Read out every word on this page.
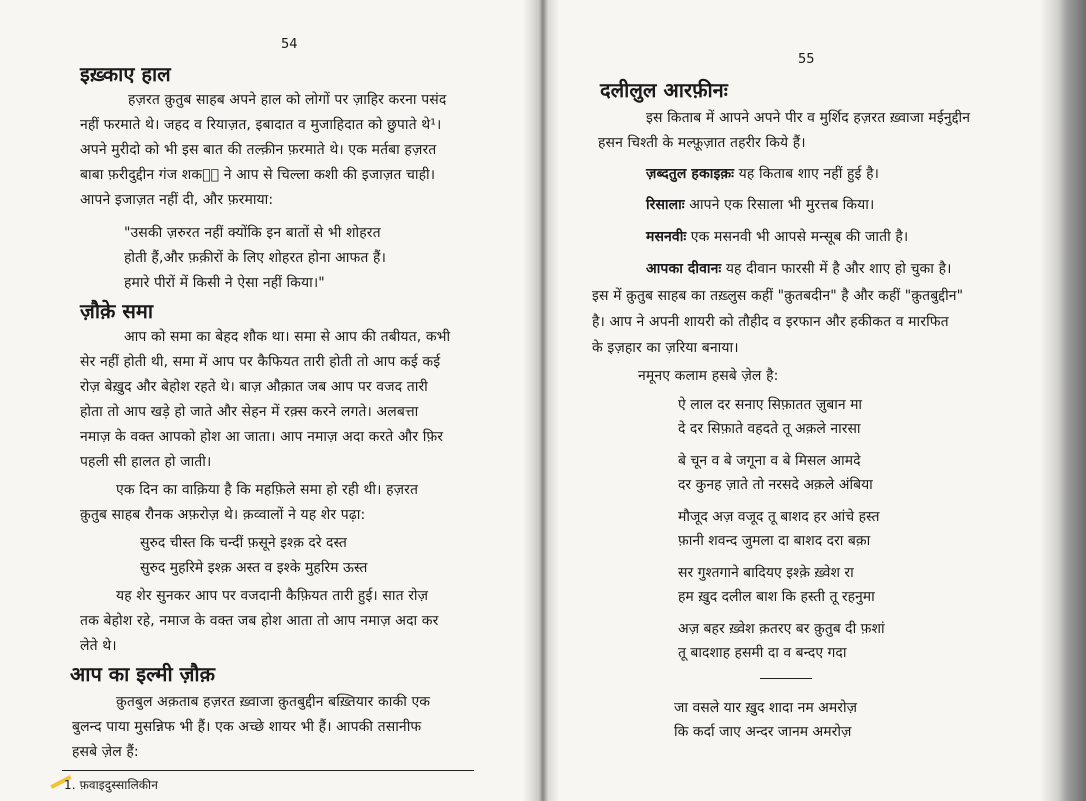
54
इख़्काए हाल
हज़रत क़ुतुब साहब अपने हाल को लोगों पर ज़ाहिर करना पसंद
नहीं फरमाते थे। जहद व रियाज़त, इबादात व मुजाहिदात को छुपाते थे¹।
अपने मुरीदो को भी इस बात की तल्क़ीन फ़रमाते थे। एक मर्तबा हज़रत
बाबा फ़रीदुद्दीन गंज शकर᳚ ने आप से चिल्ला कशी की इजाज़त चाही।
आपने इजाज़त नहीं दी, और फ़रमाया:
"उसकी ज़रुरत नहीं क्योंकि इन बातों से भी शोहरत
होती हैं,और फ़क़ीरों के लिए शोहरत होना आफत हैं।
हमारे पीरों में किसी ने ऐसा नहीं किया।"
ज़ौक़े समा
आप को समा का बेहद शौक था। समा से आप की तबीयत, कभी
सेर नहीं होती थी, समा में आप पर कैफियत तारी होती तो आप कई कई
रोज़ बेख़ुद और बेहोश रहते थे। बाज़ औक़ात जब आप पर वजद तारी
होता तो आप खड़े हो जाते और सेहन में रक़्स करने लगते। अलबत्ता
नमाज़ के वक्त आपको होश आ जाता। आप नमाज़ अदा करते और फ़िर
पहली सी हालत हो जाती।
एक दिन का वाक़िया है कि महफ़िले समा हो रही थी। हज़रत
क़ुतुब साहब रौनक अफ़रोज़ थे। क़व्वालों ने यह शेर पढ़ा:
सुरुद चीस्त कि चन्दीं फ़सूने इश्क़ दरे दस्त
सुरुद मुहरिमे इश्क़ अस्त व इश्के मुहरिम ऊस्त
यह शेर सुनकर आप पर वजदानी कैफ़ियत तारी हुई। सात रोज़
तक बेहोश रहे, नमाज के वक्त जब होश आता तो आप नमाज़ अदा कर
लेते थे।
आप का इल्मी ज़ौक़
क़ुतबुल अक़ताब हज़रत ख़्वाजा क़ुतबुद्दीन बख़्तियार काकी एक
बुलन्द पाया मुसन्निफ भी हैं। एक अच्छे शायर भी हैं। आपकी तसानीफ
हसबे ज़ेल हैं:
1. फ़वाइदुस्सालिकीन
55
दलीलुल आरफ़ीनः
इस किताब में आपने अपने पीर व मुर्शिद हज़रत ख़्वाजा मईनुद्दीन
हसन चिश्ती के मल्फ़ूज़ात तहरीर किये हैं।
ज़ब्दतुल हकाइक़ः यह किताब शाए नहीं हुई है।
रिसालाः आपने एक रिसाला भी मुरत्तब किया।
मसनवीः एक मसनवी भी आपसे मन्सूब की जाती है।
आपका दीवानः यह दीवान फारसी में है और शाए हो चुका है।
इस में क़ुतुब साहब का तख़्लुस कहीं "क़ुतबदीन" है और कहीं "क़ुतबुद्दीन"
है। आप ने अपनी शायरी को तौहीद व इरफान और हकीकत व मारफित
के इज़हार का ज़रिया बनाया।
नमूनए कलाम हसबे ज़ेल है:
ऐ लाल दर सनाए सिफ़ातत ज़ुबान मा
दे दर सिफ़ाते वहदते तू अक़ले नारसा
बे चून व बे जगूना व बे मिसल आमदे
दर कुनह ज़ाते तो नरसदे अक़ले अंबिया
मौजूद अज़ वजूद तू बाशद हर आंचे हस्त
फ़ानी शवन्द जुमला दा बाशद दरा बक़ा
सर गुश्तगाने बादियए इश्क़े ख़्वेश रा
हम ख़ुद दलील बाश कि हस्ती तू रहनुमा
अज़ बहर ख़्वेश क़तरए बर क़ुतुब दी फ़शां
तू बादशाह हसमी दा व बन्दए गदा
जा वसले यार ख़ुद शादा नम अमरोज़
कि कर्दा जाए अन्दर जानम अमरोज़
